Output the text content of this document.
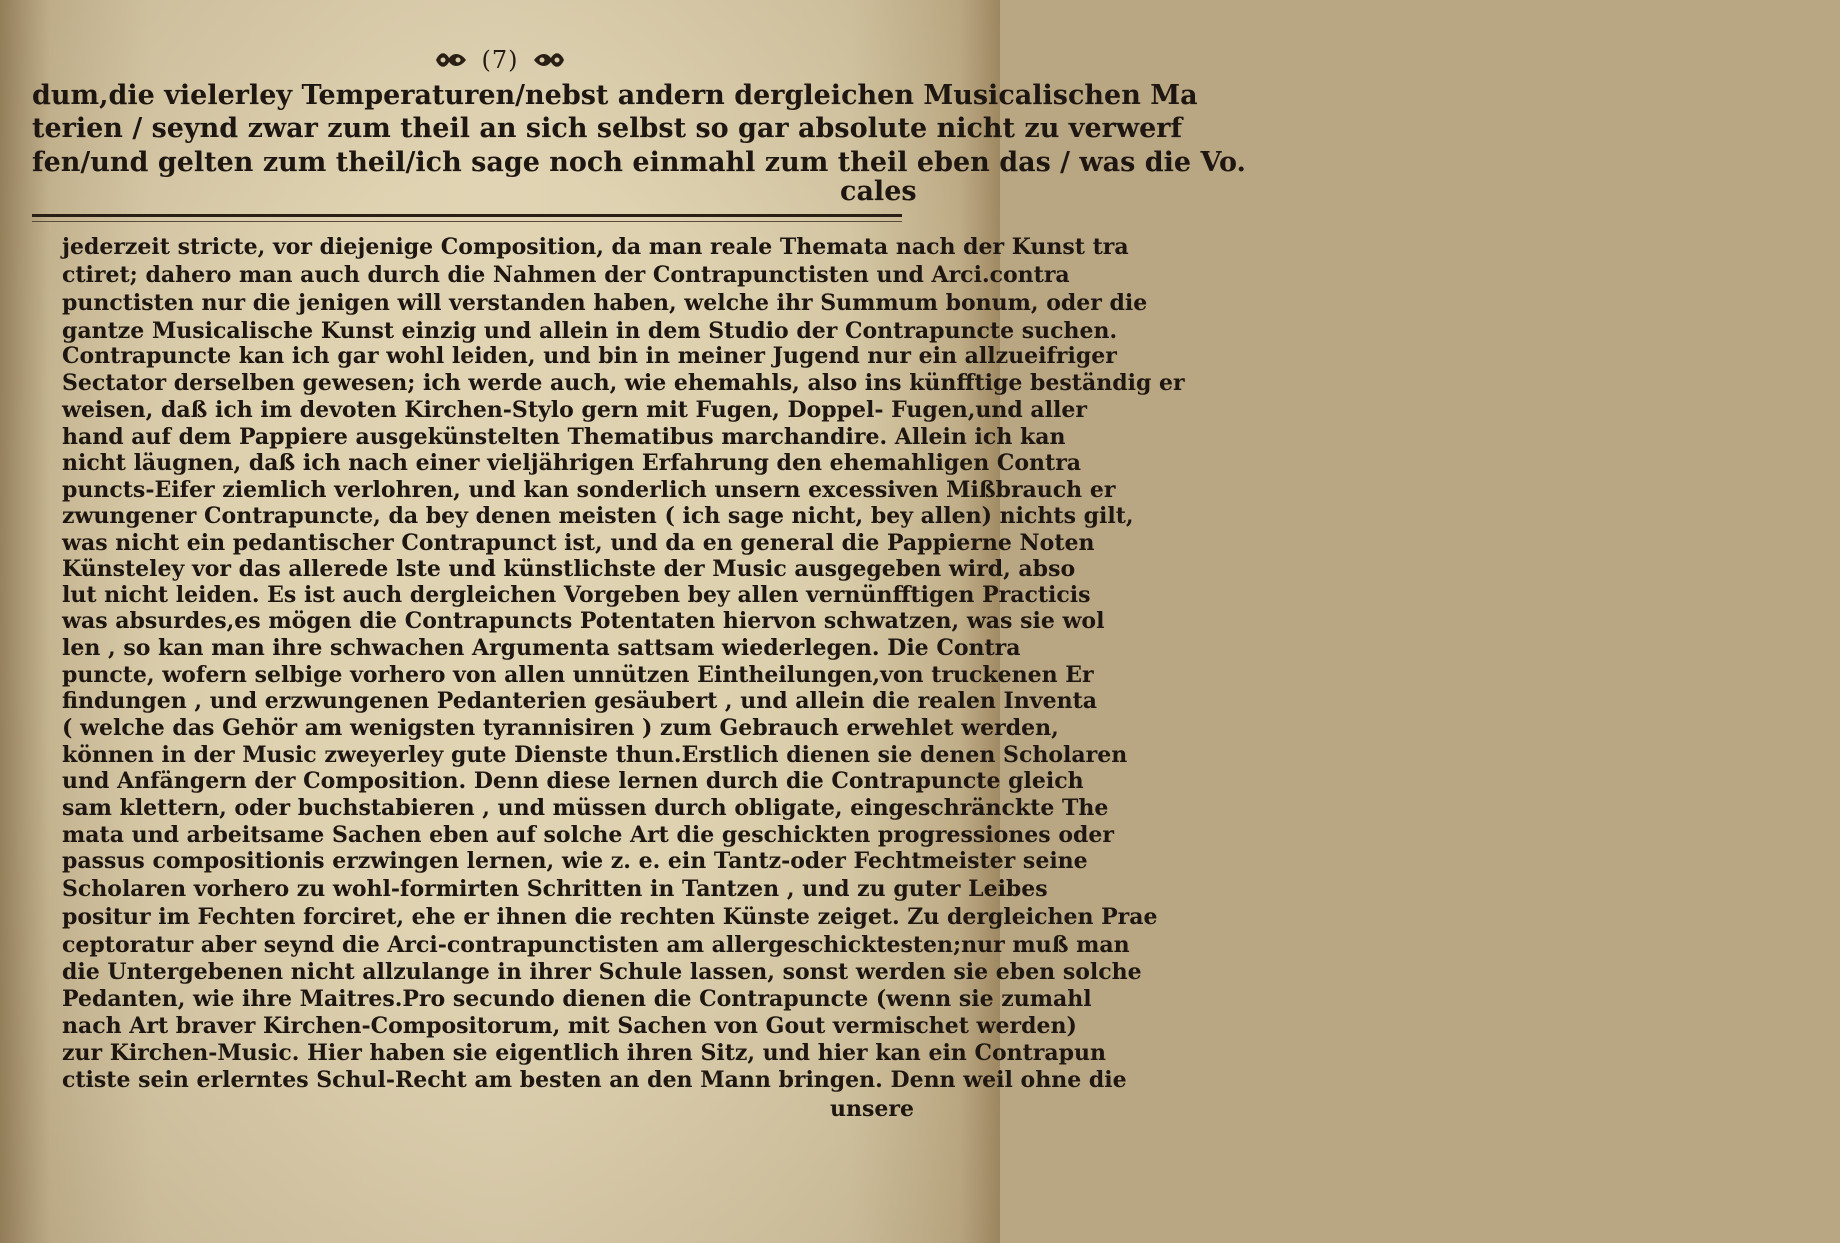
(7)
dum,die vielerley Temperaturen/nebst andern dergleichen Musicalischen Ma
terien / seynd zwar zum theil an sich selbst so gar absolute nicht zu verwerf
fen/und gelten zum theil/ich sage noch einmahl zum theil eben das / was die Vo.
cales
jederzeit stricte, vor diejenige Composition, da man reale Themata nach der Kunst tra
ctiret; dahero man auch durch die Nahmen der Contrapunctisten und Arci.contra
punctisten nur die jenigen will verstanden haben, welche ihr Summum bonum, oder die
gantze Musicalische Kunst einzig und allein in dem Studio der Contrapuncte suchen.
Contrapuncte kan ich gar wohl leiden, und bin in meiner Jugend nur ein allzueifriger
Sectator derselben gewesen; ich werde auch, wie ehemahls, also ins künfftige beständig er
weisen, daß ich im devoten Kirchen-Stylo gern mit Fugen, Doppel- Fugen,und aller
hand auf dem Pappiere ausgekünstelten Thematibus marchandire. Allein ich kan
nicht läugnen, daß ich nach einer vieljährigen Erfahrung den ehemahligen Contra
puncts-Eifer ziemlich verlohren, und kan sonderlich unsern excessiven Mißbrauch er
zwungener Contrapuncte, da bey denen meisten ( ich sage nicht, bey allen) nichts gilt,
was nicht ein pedantischer Contrapunct ist, und da en general die Pappierne Noten
Künsteley vor das allerede lste und künstlichste der Music ausgegeben wird, abso
lut nicht leiden. Es ist auch dergleichen Vorgeben bey allen vernünfftigen Practicis
was absurdes,es mögen die Contrapuncts Potentaten hiervon schwatzen, was sie wol
len , so kan man ihre schwachen Argumenta sattsam wiederlegen. Die Contra
puncte, wofern selbige vorhero von allen unnützen Eintheilungen,von truckenen Er
findungen , und erzwungenen Pedanterien gesäubert , und allein die realen Inventa
( welche das Gehör am wenigsten tyrannisiren ) zum Gebrauch erwehlet werden,
können in der Music zweyerley gute Dienste thun.Erstlich dienen sie denen Scholaren
und Anfängern der Composition. Denn diese lernen durch die Contrapuncte gleich
sam klettern, oder buchstabieren , und müssen durch obligate, eingeschränckte The
mata und arbeitsame Sachen eben auf solche Art die geschickten progressiones oder
passus compositionis erzwingen lernen, wie z. e. ein Tantz-oder Fechtmeister seine
Scholaren vorhero zu wohl-formirten Schritten in Tantzen , und zu guter Leibes
positur im Fechten forciret, ehe er ihnen die rechten Künste zeiget. Zu dergleichen Prae
ceptoratur aber seynd die Arci-contrapunctisten am allergeschicktesten;nur muß man
die Untergebenen nicht allzulange in ihrer Schule lassen, sonst werden sie eben solche
Pedanten, wie ihre Maitres.Pro secundo dienen die Contrapuncte (wenn sie zumahl
nach Art braver Kirchen-Compositorum, mit Sachen von Gout vermischet werden)
zur Kirchen-Music. Hier haben sie eigentlich ihren Sitz, und hier kan ein Contrapun
ctiste sein erlerntes Schul-Recht am besten an den Mann bringen. Denn weil ohne die
unsere
